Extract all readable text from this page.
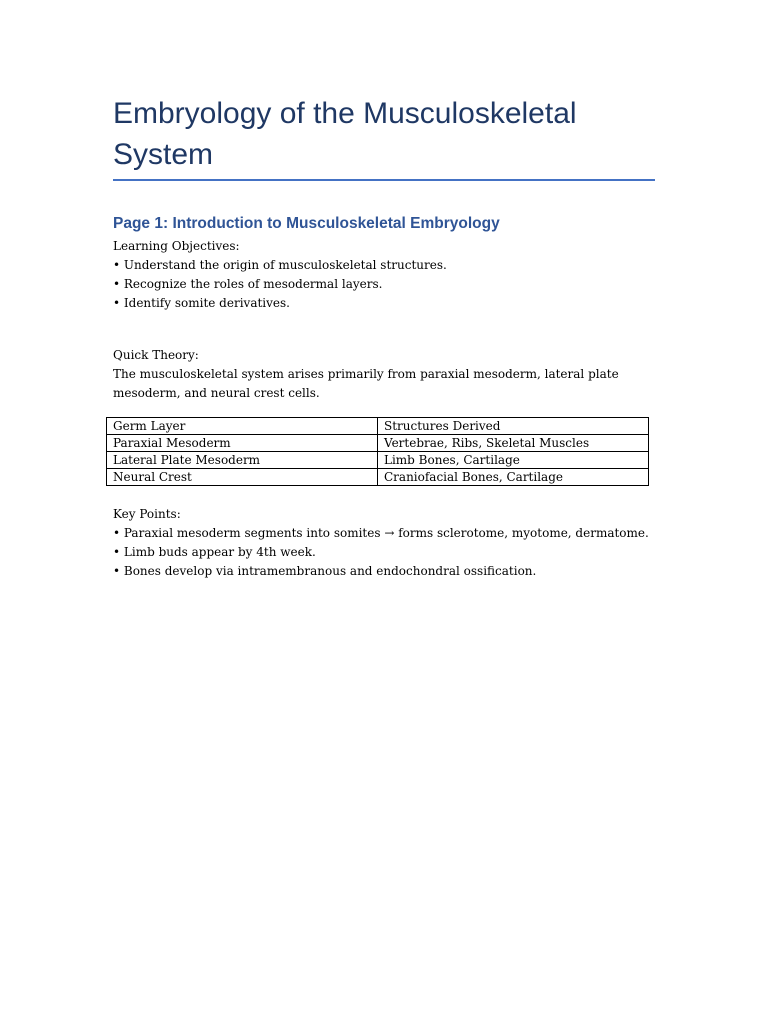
Embryology of the Musculoskeletal System
Page 1: Introduction to Musculoskeletal Embryology
Learning Objectives:
• Understand the origin of musculoskeletal structures.
• Recognize the roles of mesodermal layers.
• Identify somite derivatives.
Quick Theory:
The musculoskeletal system arises primarily from paraxial mesoderm, lateral plate
mesoderm, and neural crest cells.
Germ Layer	Structures Derived
Paraxial Mesoderm	Vertebrae, Ribs, Skeletal Muscles
Lateral Plate Mesoderm	Limb Bones, Cartilage
Neural Crest	Craniofacial Bones, Cartilage
Key Points:
• Paraxial mesoderm segments into somites → forms sclerotome, myotome, dermatome.
• Limb buds appear by 4th week.
• Bones develop via intramembranous and endochondral ossification.
